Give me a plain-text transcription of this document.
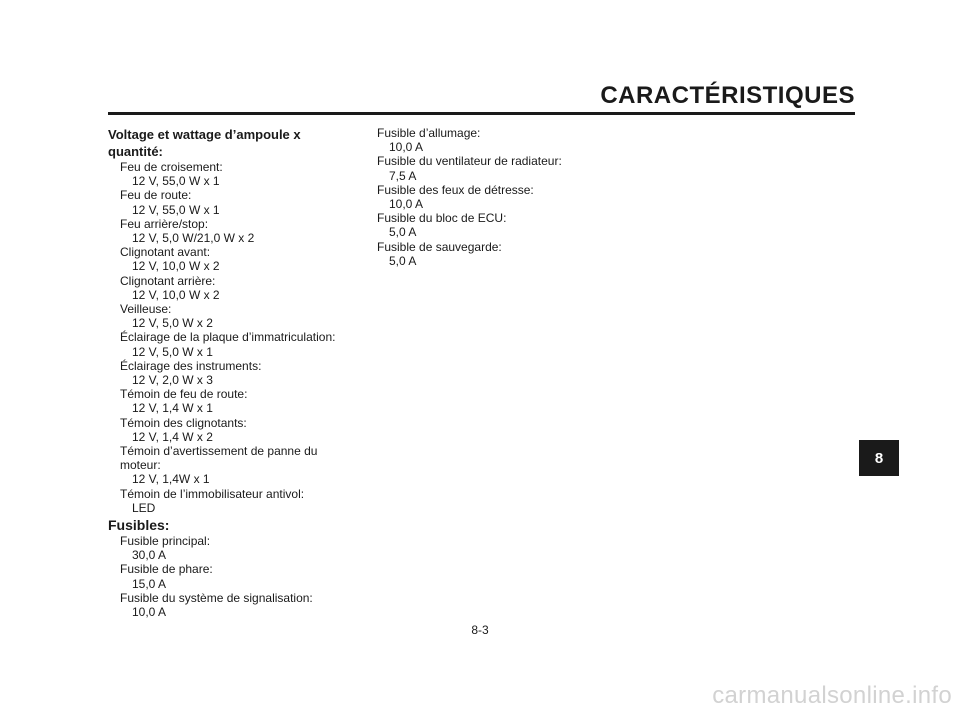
CARACTÉRISTIQUES
Voltage et wattage d’ampoule x
quantité:
Feu de croisement:
12 V, 55,0 W x 1
Feu de route:
12 V, 55,0 W x 1
Feu arrière/stop:
12 V, 5,0 W/21,0 W x 2
Clignotant avant:
12 V, 10,0 W x 2
Clignotant arrière:
12 V, 10,0 W x 2
Veilleuse:
12 V, 5,0 W x 2
Éclairage de la plaque d’immatriculation:
12 V, 5,0 W x 1
Éclairage des instruments:
12 V, 2,0 W x 3
Témoin de feu de route:
12 V, 1,4 W x 1
Témoin des clignotants:
12 V, 1,4 W x 2
Témoin d’avertissement de panne du
moteur:
12 V, 1,4W x 1
Témoin de l’immobilisateur antivol:
LED
Fusibles:
Fusible principal:
30,0 A
Fusible de phare:
15,0 A
Fusible du système de signalisation:
10,0 A
Fusible d’allumage:
10,0 A
Fusible du ventilateur de radiateur:
7,5 A
Fusible des feux de détresse:
10,0 A
Fusible du bloc de ECU:
5,0 A
Fusible de sauvegarde:
5,0 A
8
8-3
carmanualsonline.info
